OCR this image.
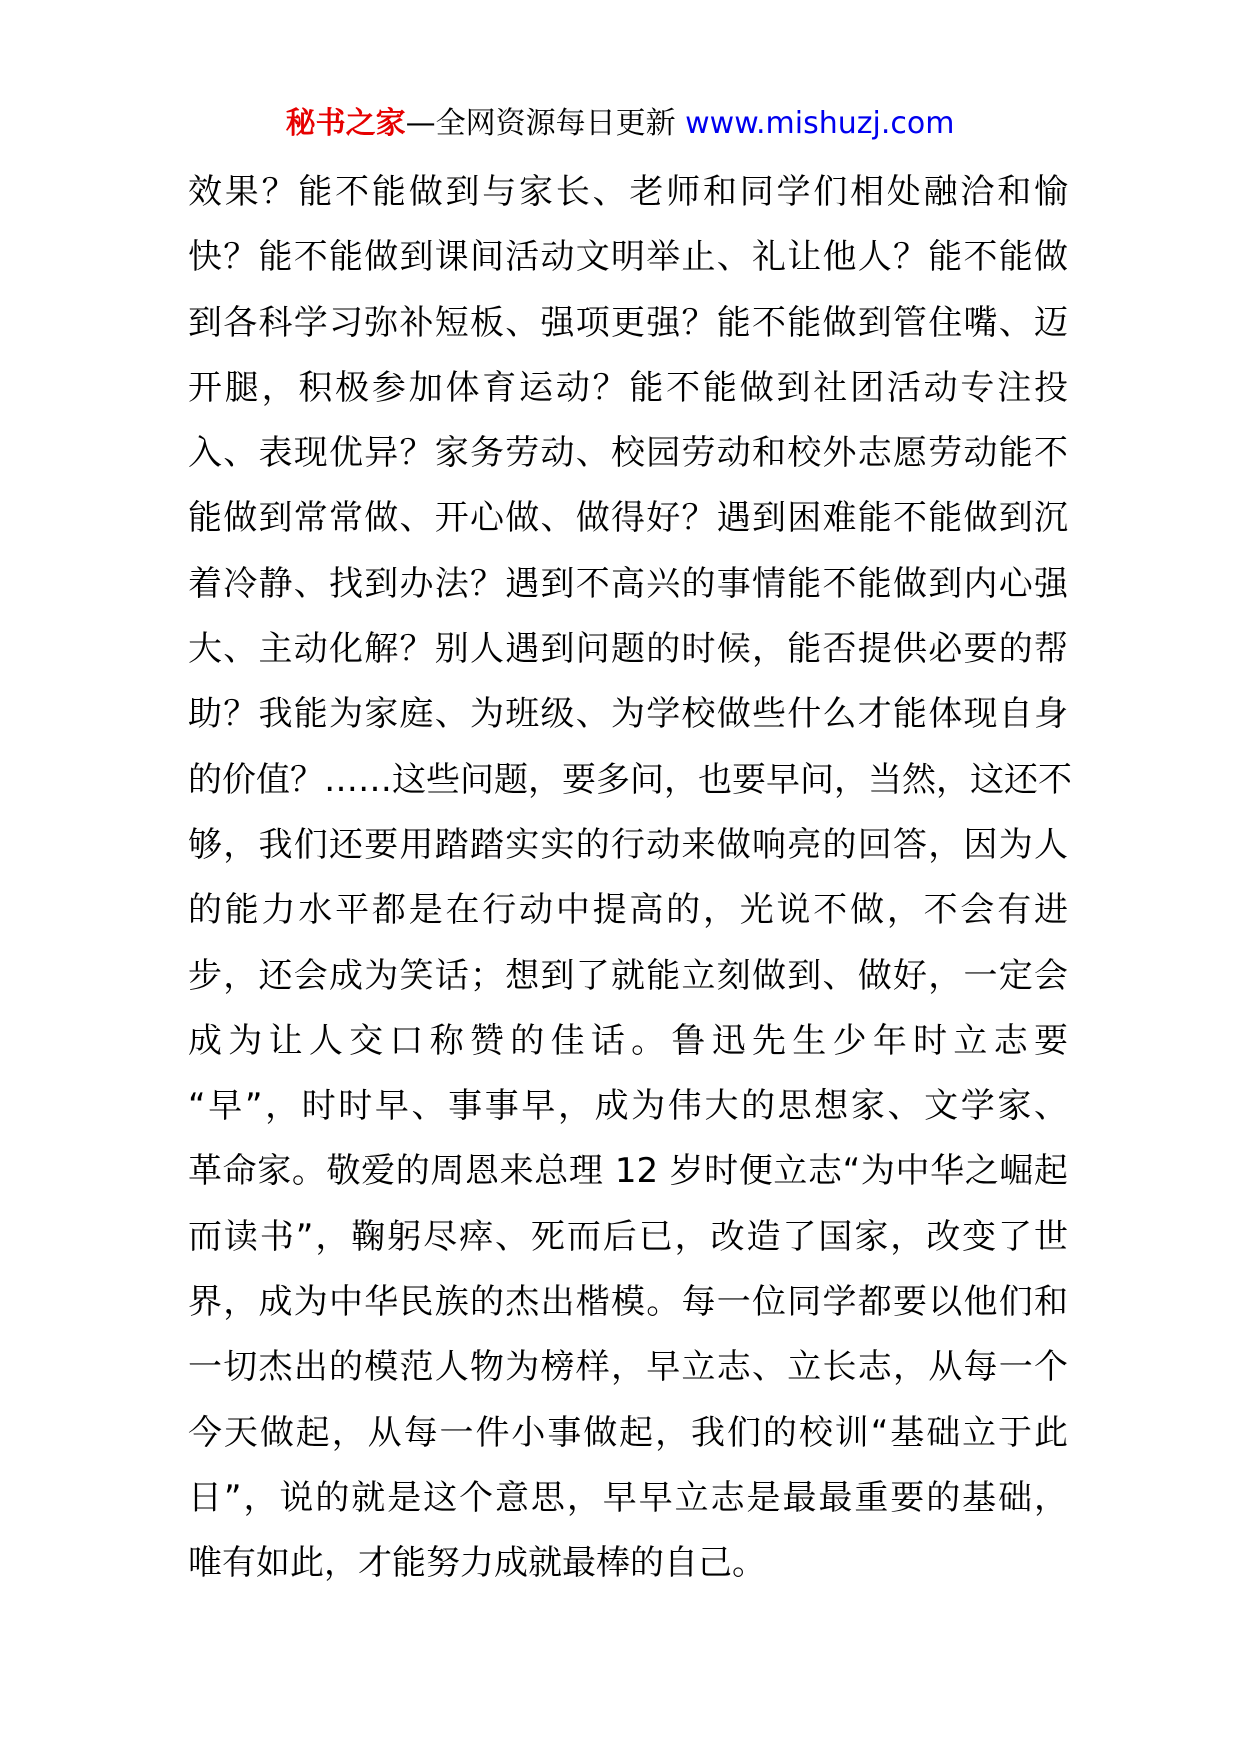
秘书之家—全网资源每日更新 www.mishuzj.com
效果？能不能做到与家长、老师和同学们相处融洽和愉
快？能不能做到课间活动文明举止、礼让他人？能不能做
到各科学习弥补短板、强项更强？能不能做到管住嘴、迈
开腿，积极参加体育运动？能不能做到社团活动专注投
入、表现优异？家务劳动、校园劳动和校外志愿劳动能不
能做到常常做、开心做、做得好？遇到困难能不能做到沉
着冷静、找到办法？遇到不高兴的事情能不能做到内心强
大、主动化解？别人遇到问题的时候，能否提供必要的帮
助？我能为家庭、为班级、为学校做些什么才能体现自身
的价值？……这些问题，要多问，也要早问，当然，这还不
够，我们还要用踏踏实实的行动来做响亮的回答，因为人
的能力水平都是在行动中提高的，光说不做，不会有进
步，还会成为笑话；想到了就能立刻做到、做好，一定会
成为让人交口称赞的佳话。鲁迅先生少年时立志要
“早”，时时早、事事早，成为伟大的思想家、文学家、
革命家。敬爱的周恩来总理 12 岁时便立志“为中华之崛起
而读书”，鞠躬尽瘁、死而后已，改造了国家，改变了世
界，成为中华民族的杰出楷模。每一位同学都要以他们和
一切杰出的模范人物为榜样，早立志、立长志，从每一个
今天做起，从每一件小事做起，我们的校训“基础立于此
日”，说的就是这个意思，早早立志是最最重要的基础，
唯有如此，才能努力成就最棒的自己。
